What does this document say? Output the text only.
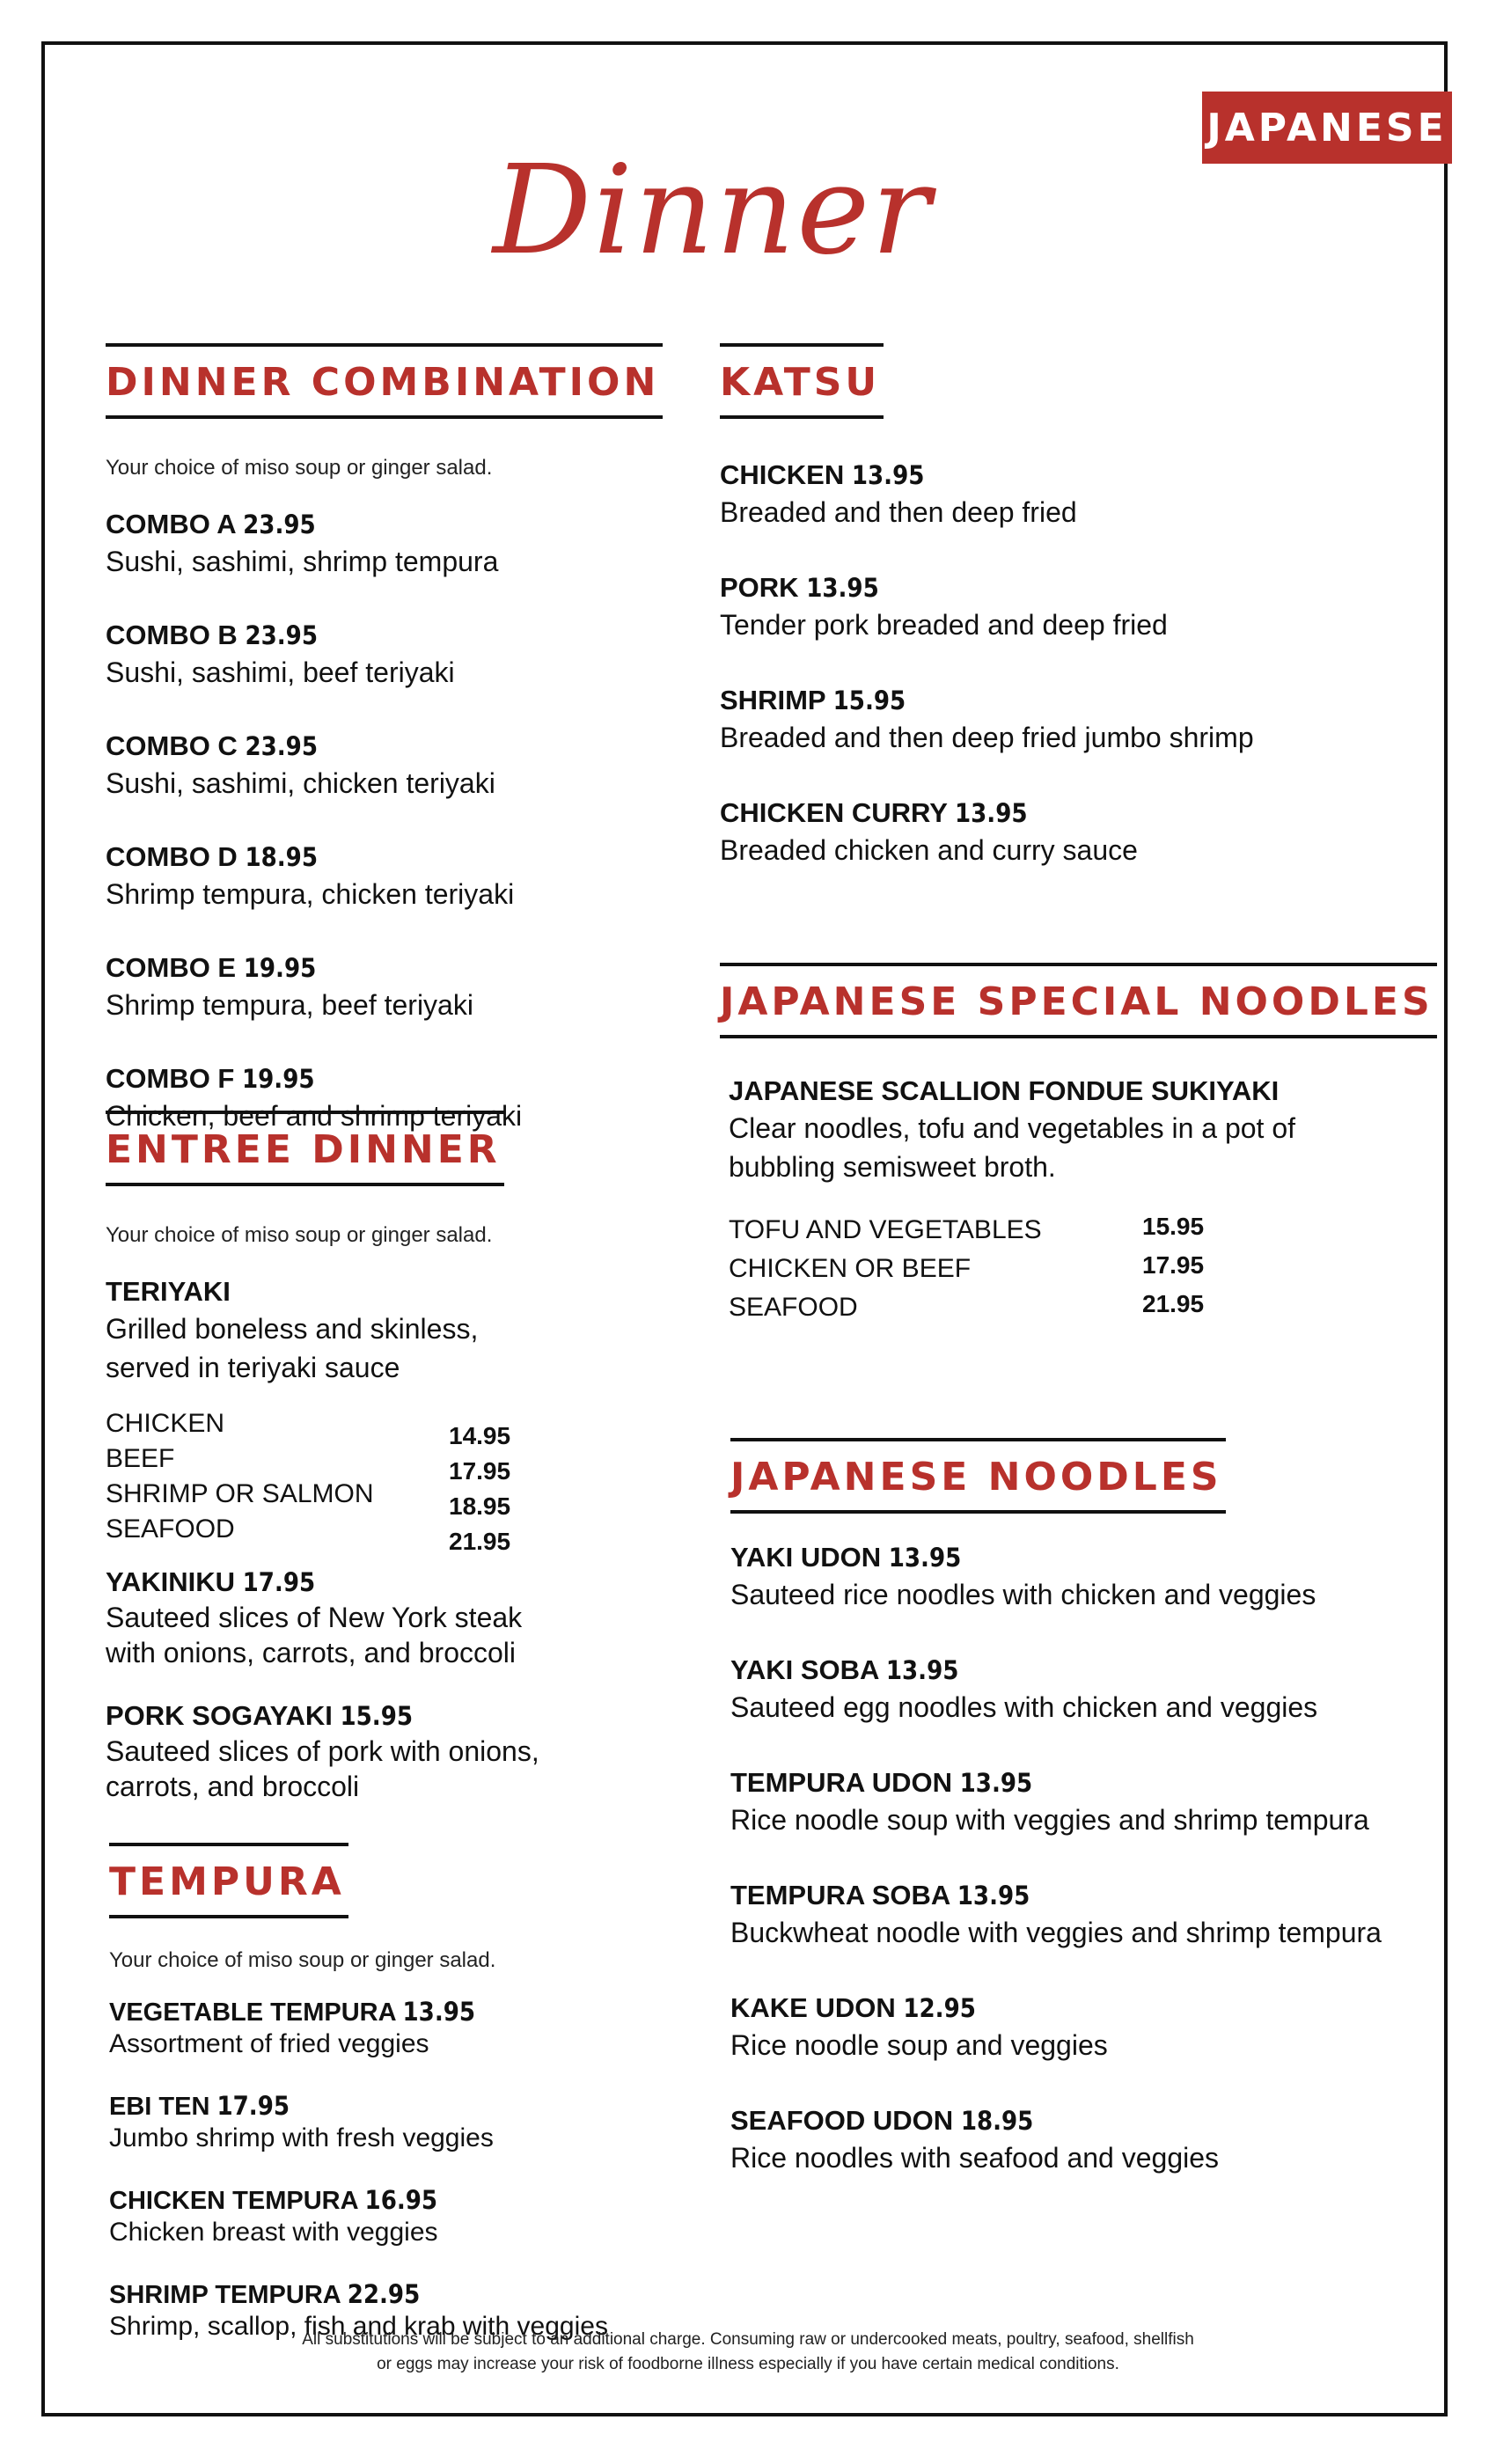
JAPANESE
Dinner
DINNER COMBINATION
Your choice of miso soup or ginger salad.
COMBO A 23.95
Sushi, sashimi, shrimp tempura
COMBO B 23.95
Sushi, sashimi, beef teriyaki
COMBO C 23.95
Sushi, sashimi, chicken teriyaki
COMBO D 18.95
Shrimp tempura, chicken teriyaki
COMBO E 19.95
Shrimp tempura, beef teriyaki
COMBO F 19.95
Chicken, beef and shrimp teriyaki
ENTREE DINNER
Your choice of miso soup or ginger salad.
TERIYAKI
Grilled boneless and skinless,
served in teriyaki sauce
CHICKEN	14.95
BEEF	17.95
SHRIMP OR SALMON	18.95
SEAFOOD	21.95
YAKINIKU 17.95
Sauteed slices of New York steak
with onions, carrots, and broccoli
PORK SOGAYAKI 15.95
Sauteed slices of pork with onions,
carrots, and broccoli
TEMPURA
Your choice of miso soup or ginger salad.
VEGETABLE TEMPURA 13.95
Assortment of fried veggies
EBI TEN 17.95
Jumbo shrimp with fresh veggies
CHICKEN TEMPURA 16.95
Chicken breast with veggies
SHRIMP TEMPURA 22.95
Shrimp, scallop, fish and krab with veggies
KATSU
CHICKEN 13.95
Breaded and then deep fried
PORK 13.95
Tender pork breaded and deep fried
SHRIMP 15.95
Breaded and then deep fried jumbo shrimp
CHICKEN CURRY 13.95
Breaded chicken and curry sauce
JAPANESE SPECIAL NOODLES
JAPANESE SCALLION FONDUE SUKIYAKI
Clear noodles, tofu and vegetables in a pot of
bubbling semisweet broth.
TOFU AND VEGETABLES	15.95
CHICKEN OR BEEF	17.95
SEAFOOD	21.95
JAPANESE NOODLES
YAKI UDON 13.95
Sauteed rice noodles with chicken and veggies
YAKI SOBA 13.95
Sauteed egg noodles with chicken and veggies
TEMPURA UDON 13.95
Rice noodle soup with veggies and shrimp tempura
TEMPURA SOBA 13.95
Buckwheat noodle with veggies and shrimp tempura
KAKE UDON 12.95
Rice noodle soup and veggies
SEAFOOD UDON 18.95
Rice noodles with seafood and veggies
All substitutions will be subject to an additional charge. Consuming raw or undercooked meats, poultry, seafood, shellfish
or eggs may increase your risk of foodborne illness especially if you have certain medical conditions.
